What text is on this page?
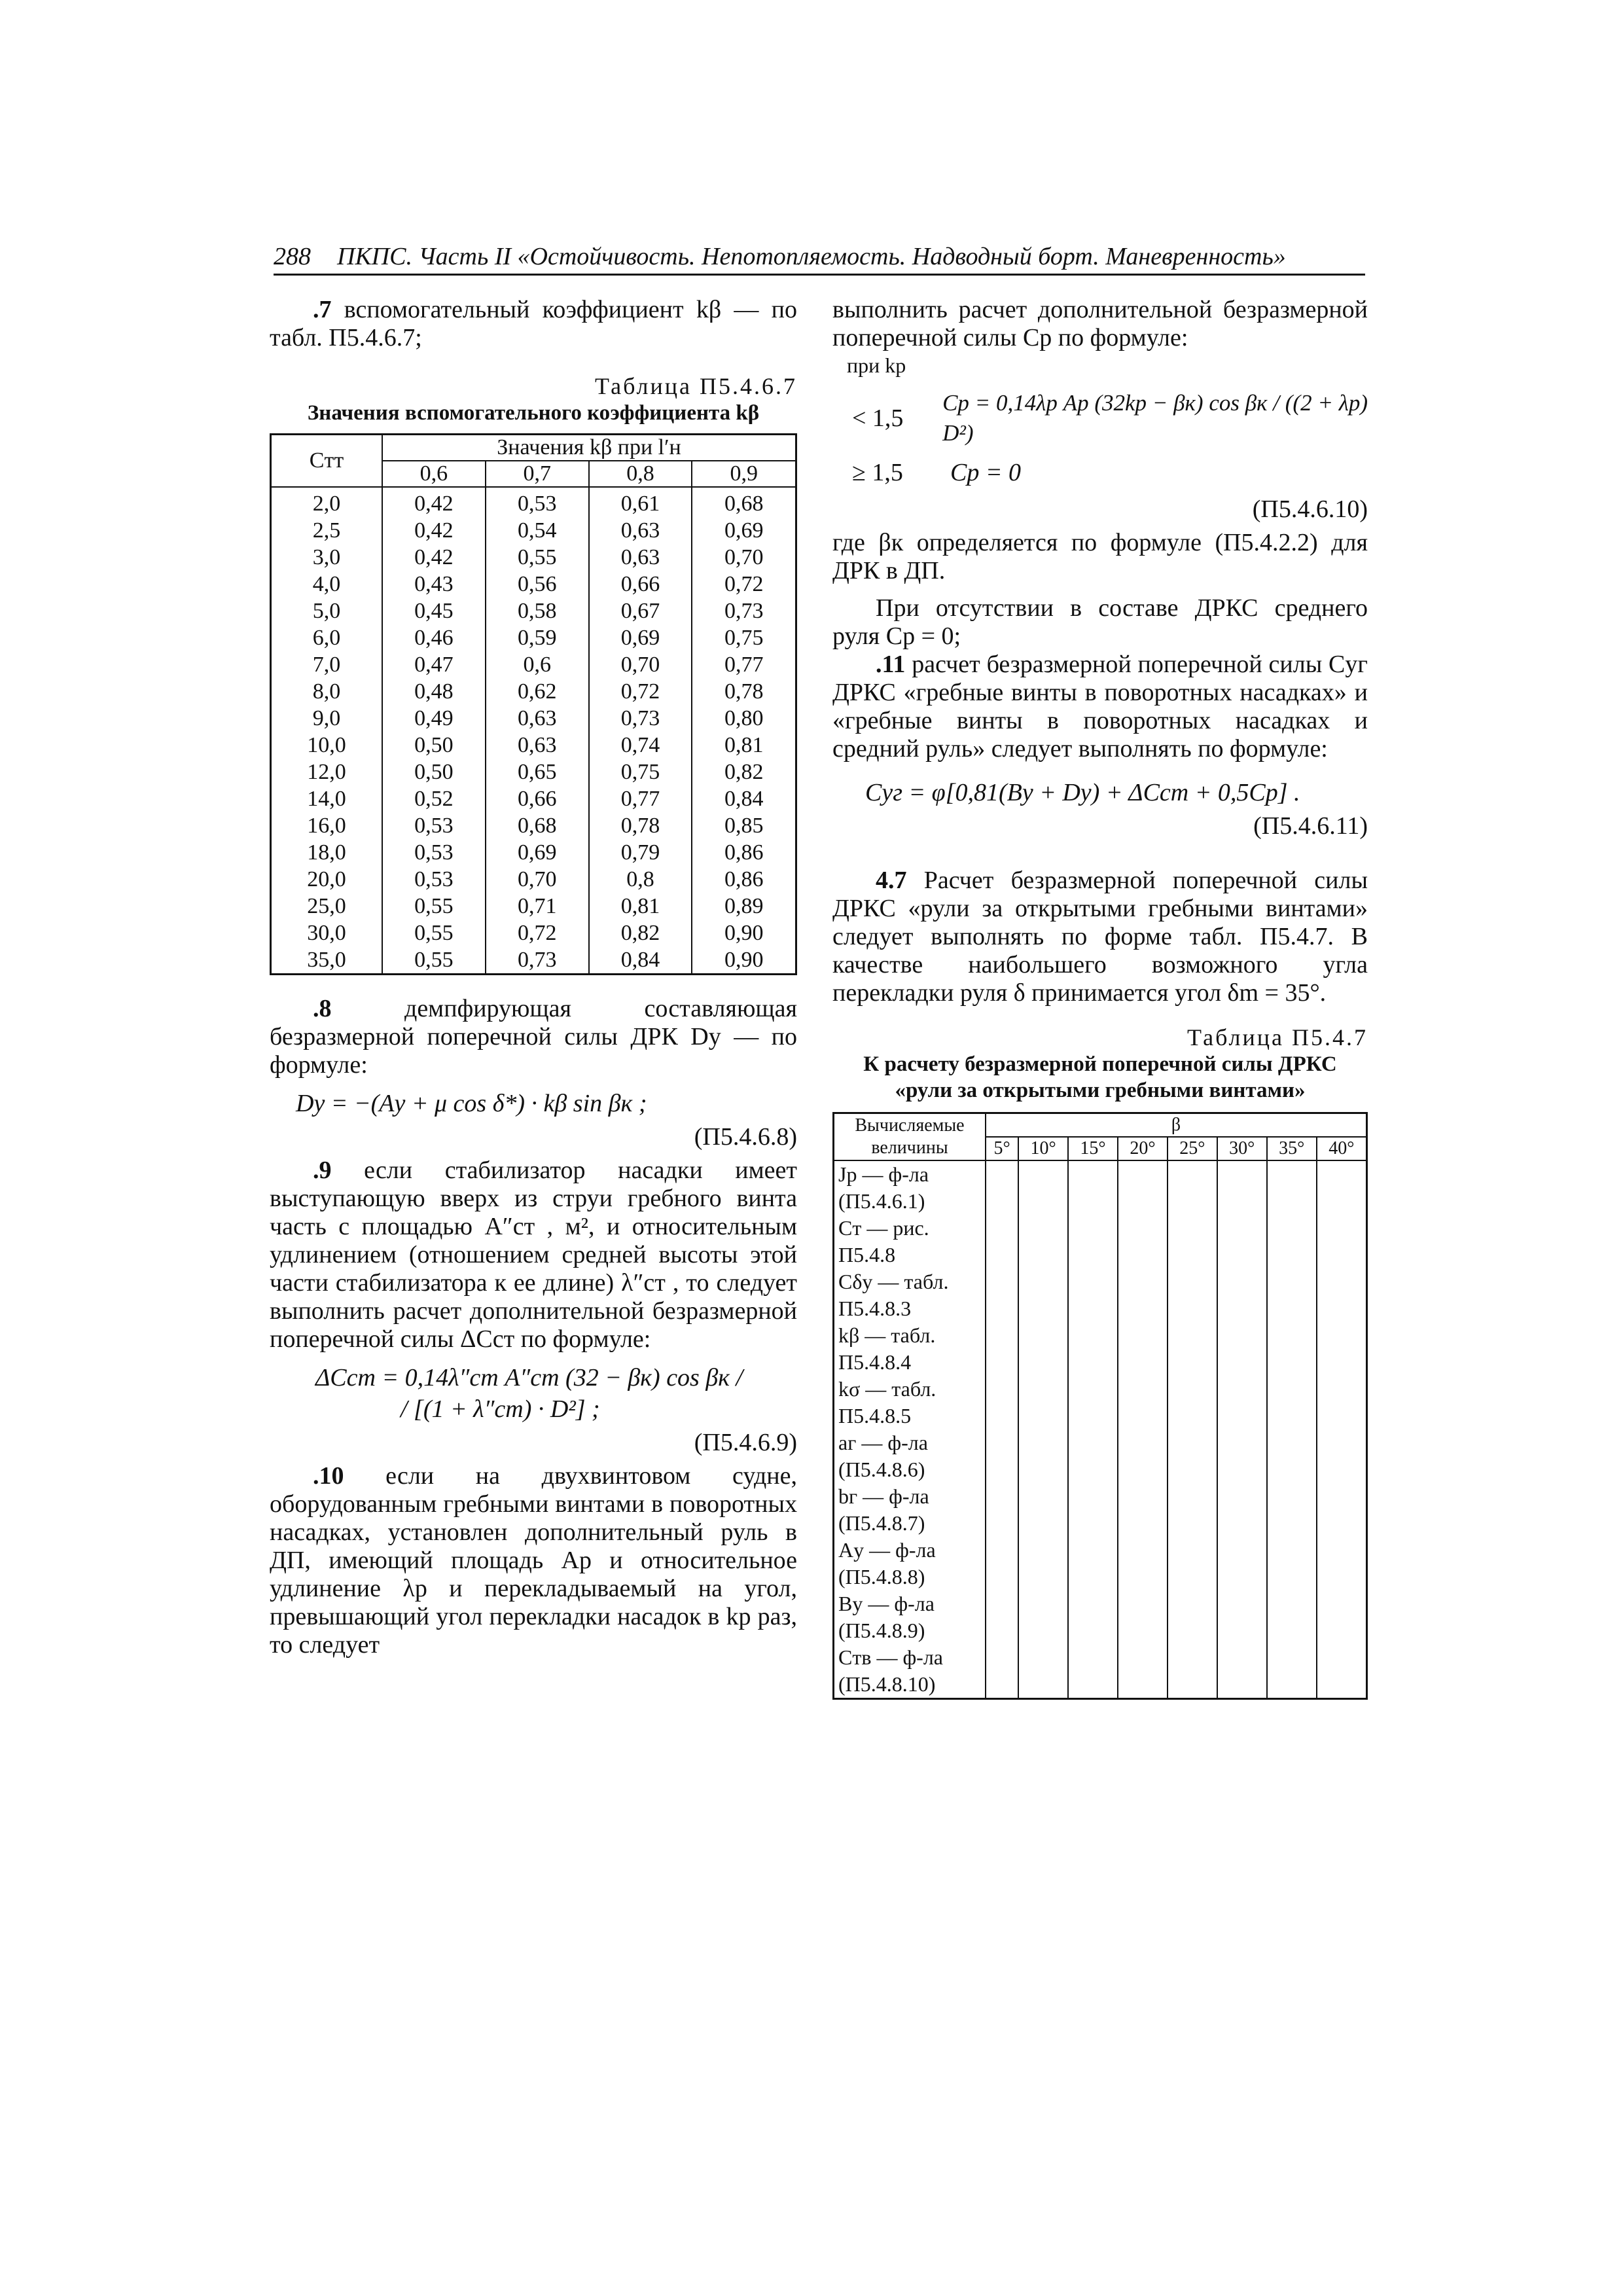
288 ПКПС. Часть II «Остойчивость. Непотопляемость. Надводный борт. Маневренность»

.7 вспомогательный коэффициент kβ — по табл. П5.4.6.7;

Таблица П5.4.6.7
Значения вспомогательного коэффициента kβ
Cтт	Значения kβ при l′н			
	0,6	0,7	0,8	0,9
2,0	0,42	0,53	0,61	0,68
2,5	0,42	0,54	0,63	0,69
3,0	0,42	0,55	0,63	0,70
4,0	0,43	0,56	0,66	0,72
5,0	0,45	0,58	0,67	0,73
6,0	0,46	0,59	0,69	0,75
7,0	0,47	0,6	0,70	0,77
8,0	0,48	0,62	0,72	0,78
9,0	0,49	0,63	0,73	0,80
10,0	0,50	0,63	0,74	0,81
12,0	0,50	0,65	0,75	0,82
14,0	0,52	0,66	0,77	0,84
16,0	0,53	0,68	0,78	0,85
18,0	0,53	0,69	0,79	0,86
20,0	0,53	0,70	0,8	0,86
25,0	0,55	0,71	0,81	0,89
30,0	0,55	0,72	0,82	0,90
35,0	0,55	0,73	0,84	0,90

.8 демпфирующая составляющая безразмерной поперечной силы ДРК Dу — по формуле:

Dу = −(Aу + μ cos δ*) · kβ sin βк ;
(П5.4.6.8)

.9 если стабилизатор насадки имеет выступающую вверх из струи гребного винта часть с площадью A″ст , м², и относительным удлинением (отношением средней высоты этой части стабилизатора к ее длине) λ″ст , то следует выполнить расчет дополнительной безразмерной поперечной силы ΔCст по формуле:

ΔCст = 0,14λ″ст A″ст (32 − βк) cos βк /
/ [(1 + λ″ст) · D²] ;
(П5.4.6.9)

.10 если на двухвинтовом судне, оборудованным гребными винтами в поворотных насадках, установлен дополнительный руль в ДП, имеющий площадь Aр и относительное удлинение λр и перекладываемый на угол, превышающий угол перекладки насадок в kр раз, то следует

выполнить расчет дополнительной безразмерной поперечной силы Cр по формуле:

при kр
< 1,5
Cр = 0,14λр Aр (32kр − βк) cos βк / ((2 + λр) D²)
≥ 1,5	Cр = 0
(П5.4.6.10)

где βк определяется по формуле (П5.4.2.2) для ДРК в ДП.

При отсутствии в составе ДРКС среднего руля Cр = 0;

.11 расчет безразмерной поперечной силы Cуг ДРКС «гребные винты в поворотных насадках» и «гребные винты в поворотных насадках и средний руль» следует выполнять по формуле:

Cуг = φ[0,81(Bу + Dу) + ΔCст + 0,5Cр] .
(П5.4.6.11)

4.7 Расчет безразмерной поперечной силы ДРКС «рули за открытыми гребными винтами» следует выполнять по форме табл. П5.4.7. В качестве наибольшего возможного угла перекладки руля δ принимается угол δm = 35°.

Таблица П5.4.7
К расчету безразмерной поперечной силы ДРКС
«рули за открытыми гребными винтами»
Вычисляемые величины	β							
	5°	10°	15°	20°	25°	30°	35°	40°
Jр — ф-ла								
(П5.4.6.1)								
Cт — рис.								
П5.4.8								
Cδу — табл.								
П5.4.8.3								
kβ — табл.								
П5.4.8.4								
kσ — табл.								
П5.4.8.5								
aг — ф-ла								
(П5.4.8.6)								
bг — ф-ла								
(П5.4.8.7)								
Aу — ф-ла								
(П5.4.8.8)								
Bу — ф-ла								
(П5.4.8.9)								
Cтв — ф-ла								
(П5.4.8.10)								
